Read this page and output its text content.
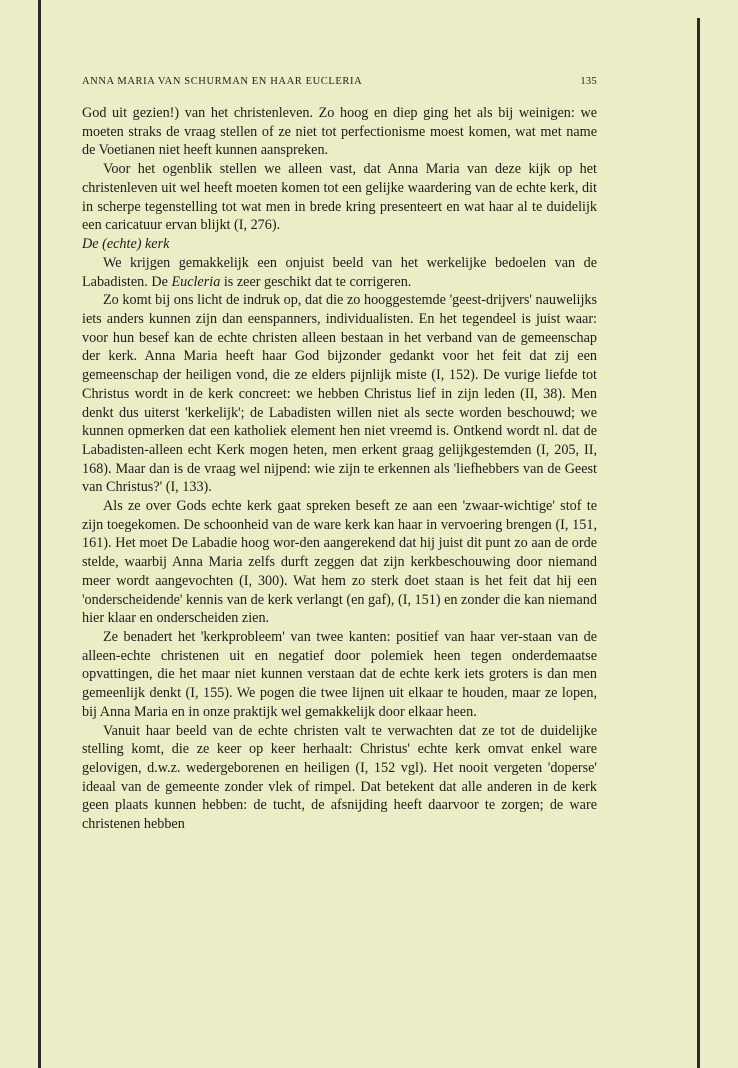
ANNA MARIA VAN SCHURMAN EN HAAR EUCLERIA	135

God uit gezien!) van het christenleven. Zo hoog en diep ging het als bij weinigen: we moeten straks de vraag stellen of ze niet tot perfectionisme moest komen, wat met name de Voetianen niet heeft kunnen aanspreken.

Voor het ogenblik stellen we alleen vast, dat Anna Maria van deze kijk op het christenleven uit wel heeft moeten komen tot een gelijke waardering van de echte kerk, dit in scherpe tegenstelling tot wat men in brede kring presenteert en wat haar al te duidelijk een caricatuur ervan blijkt (I, 276).

De (echte) kerk

We krijgen gemakkelijk een onjuist beeld van het werkelijke bedoelen van de Labadisten. De Eucleria is zeer geschikt dat te corrigeren.

Zo komt bij ons licht de indruk op, dat die zo hooggestemde 'geest-drijvers' nauwelijks iets anders kunnen zijn dan eenspanners, individualisten. En het tegendeel is juist waar: voor hun besef kan de echte christen alleen bestaan in het verband van de gemeenschap der kerk. Anna Maria heeft haar God bijzonder gedankt voor het feit dat zij een gemeenschap der heiligen vond, die ze elders pijnlijk miste (I, 152). De vurige liefde tot Christus wordt in de kerk concreet: we hebben Christus lief in zijn leden (II, 38). Men denkt dus uiterst 'kerkelijk'; de Labadisten willen niet als secte worden beschouwd; we kunnen opmerken dat een katholiek element hen niet vreemd is. Ontkend wordt nl. dat de Labadisten-alleen echt Kerk mogen heten, men erkent graag gelijkgestemden (I, 205, II, 168). Maar dan is de vraag wel nijpend: wie zijn te erkennen als 'liefhebbers van de Geest van Christus?' (I, 133).

Als ze over Gods echte kerk gaat spreken beseft ze aan een 'zwaar-wichtige' stof te zijn toegekomen. De schoonheid van de ware kerk kan haar in vervoering brengen (I, 151, 161). Het moet De Labadie hoog wor-den aangerekend dat hij juist dit punt zo aan de orde stelde, waarbij Anna Maria zelfs durft zeggen dat zijn kerkbeschouwing door niemand meer wordt aangevochten (I, 300). Wat hem zo sterk doet staan is het feit dat hij een 'onderscheidende' kennis van de kerk verlangt (en gaf), (I, 151) en zonder die kan niemand hier klaar en onderscheiden zien.

Ze benadert het 'kerkprobleem' van twee kanten: positief van haar ver-staan van de alleen-echte christenen uit en negatief door polemiek heen tegen onderdemaatse opvattingen, die het maar niet kunnen verstaan dat de echte kerk iets groters is dan men gemeenlijk denkt (I, 155). We pogen die twee lijnen uit elkaar te houden, maar ze lopen, bij Anna Maria en in onze praktijk wel gemakkelijk door elkaar heen.

Vanuit haar beeld van de echte christen valt te verwachten dat ze tot de duidelijke stelling komt, die ze keer op keer herhaalt: Christus' echte kerk omvat enkel ware gelovigen, d.w.z. wedergeborenen en heiligen (I, 152 vgl). Het nooit vergeten 'doperse' ideaal van de gemeente zonder vlek of rimpel. Dat betekent dat alle anderen in de kerk geen plaats kunnen hebben: de tucht, de afsnijding heeft daarvoor te zorgen; de ware christenen hebben
